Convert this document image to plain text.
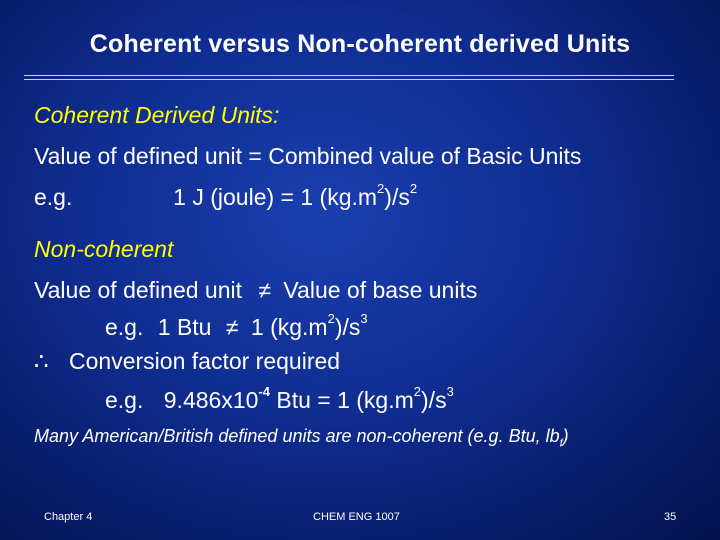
Coherent versus Non-coherent derived Units
Coherent Derived Units:
Value of defined unit = Combined value of Basic Units
e.g.	1 J (joule) = 1 $(kg.m^2)/s^2$
Non-coherent
Value of defined unit ≠ Value of base units
e.g. 1 Btu ≠ 1 $(kg.m^2)/s^3$
∴ Conversion factor required
e.g. $9.486x10^{-4}$ Btu = 1 $(kg.m^2)/s^3$
Many American/British defined units are non-coherent (e.g. Btu, $lb_f$)
Chapter 4	CHEM ENG 1007	35
